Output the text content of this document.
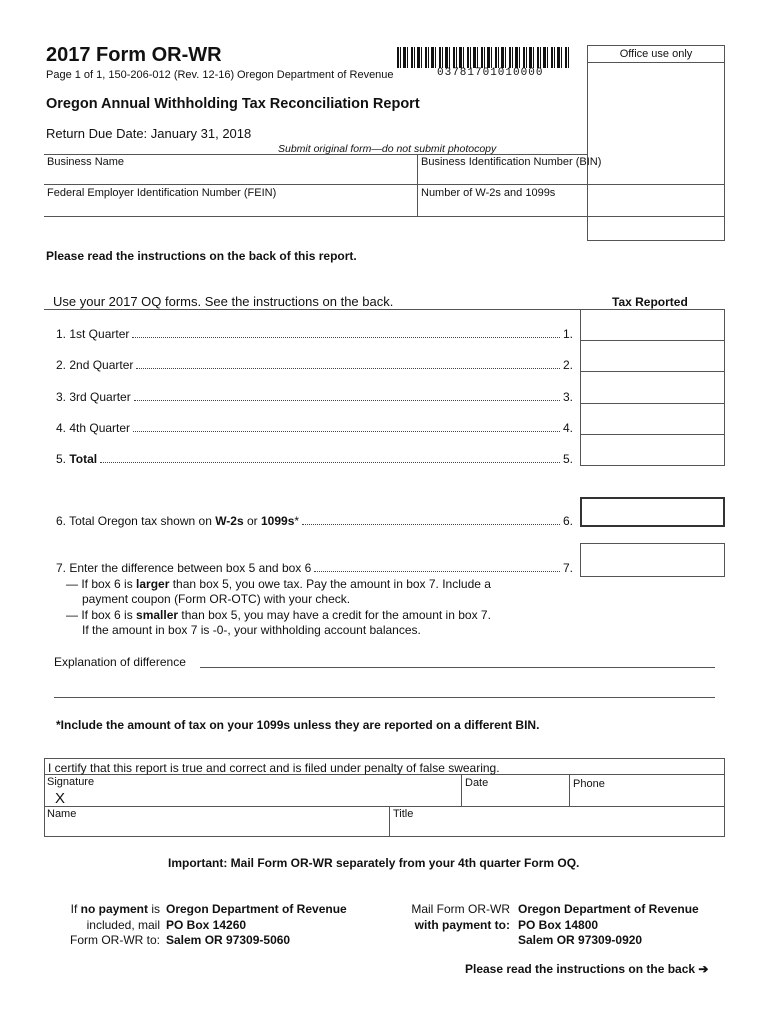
2017 Form OR-WR
Page 1 of 1, 150-206-012 (Rev. 12-16) Oregon Department of Revenue	03781701010000
Office use only
Oregon Annual Withholding Tax Reconciliation Report
Return Due Date: January 31, 2018
Submit original form—do not submit photocopy
Business Name	Business Identification Number (BIN)
Federal Employer Identification Number (FEIN)	Number of W-2s and 1099s
Please read the instructions on the back of this report.
Use your 2017 OQ forms. See the instructions on the back.	Tax Reported
1. 1st Quarter	1.
2. 2nd Quarter	2.
3. 3rd Quarter	3.
4. 4th Quarter	4.
5. Total	5.
6. Total Oregon tax shown on W-2s or 1099s *	6.
7. Enter the difference between box 5 and box 6	7.
— If box 6 is larger than box 5, you owe tax. Pay the amount in box 7. Include a
payment coupon (Form OR-OTC) with your check.
— If box 6 is smaller than box 5, you may have a credit for the amount in box 7.
If the amount in box 7 is -0-, your withholding account balances.
Explanation of difference
*Include the amount of tax on your 1099s unless they are reported on a different BIN.
I certify that this report is true and correct and is filed under penalty of false swearing.
Signature
X
Date	Phone
Name	Title
Important: Mail Form OR-WR separately from your 4th quarter Form OQ.
If no payment is
included, mail
Form OR-WR to:
Oregon Department of Revenue
PO Box 14260
Salem OR 97309-5060
Mail Form OR-WR
with payment to:
Oregon Department of Revenue
PO Box 14800
Salem OR 97309-0920
Please read the instructions on the back ➔
